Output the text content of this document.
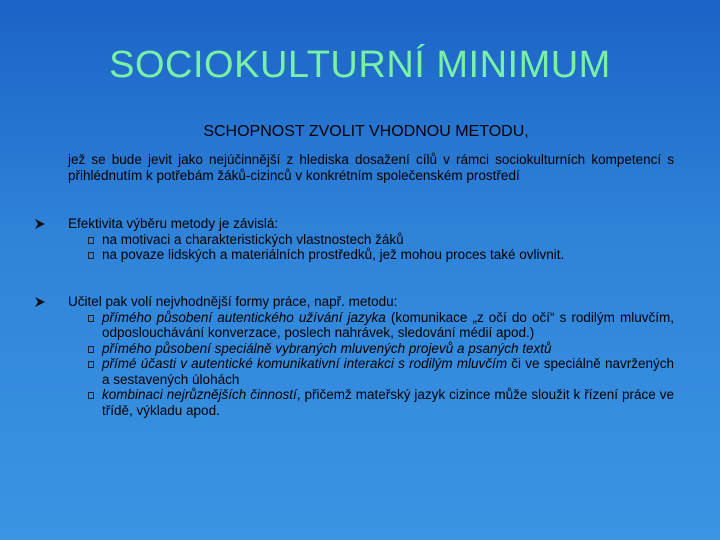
SOCIOKULTURNÍ MINIMUM
SCHOPNOST ZVOLIT VHODNOU METODU,
jež se bude jevit jako nejúčinnější z hlediska dosažení cílů v rámci sociokulturních kompetencí s přihlédnutím k potřebám žáků-cizinců v konkrétním společenském prostředí
Efektivita výběru metody je závislá:
na motivaci a charakteristických vlastnostech žáků
na povaze lidských a materiálních prostředků, jež mohou proces také ovlivnit.
Učitel pak volí nejvhodnější formy práce, např. metodu:
přímého působení autentického užívání jazyka (komunikace „z očí do očí“ s rodilým mluvčím, odposlouchávání konverzace, poslech nahrávek, sledování médií apod.)
přímého působení speciálně vybraných mluvených projevů a psaných textů
přímé účasti v autentické komunikativní interakci s rodilým mluvčím či ve speciálně navržených a sestavených úlohách
kombinaci nejrůznějších činností, přičemž mateřský jazyk cizince může sloužit k řízení práce ve třídě, výkladu apod.
